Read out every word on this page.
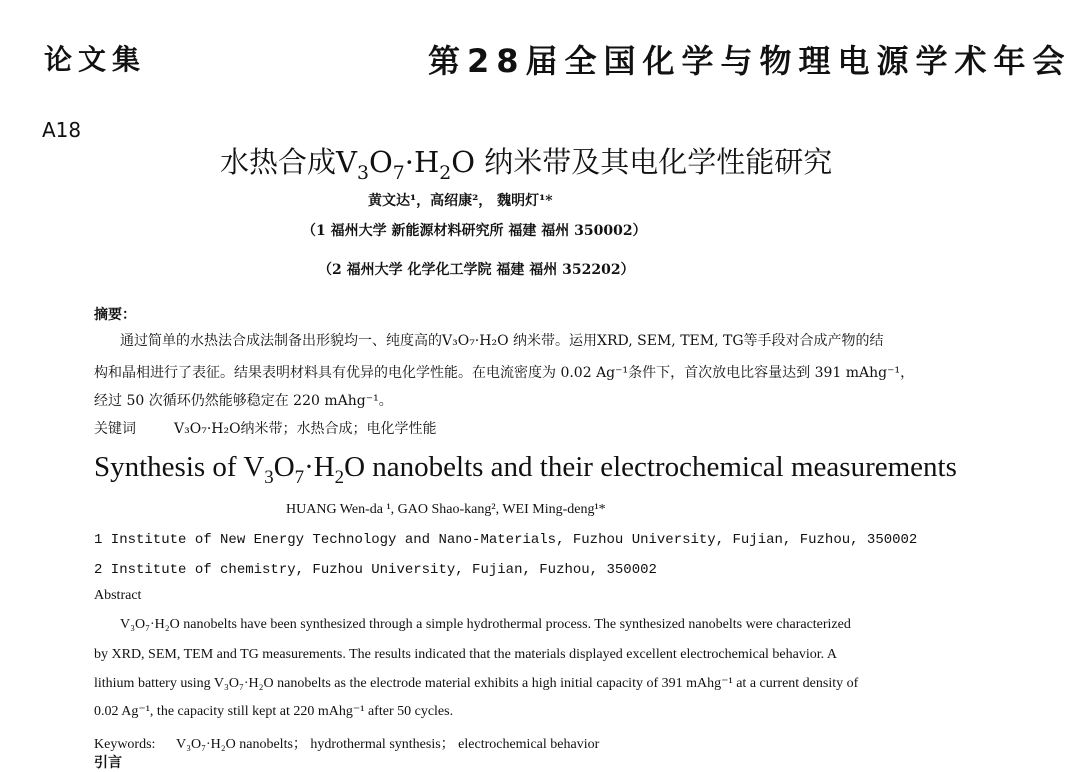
论文集	第28届全国化学与物理电源学术年会
A18
水热合成$V_3O_7\cdot H_2O$ 纳米带及其电化学性能研究
黄文达¹，高绍康²， 魏明灯¹*
（1 福州大学 新能源材料研究所 福建 福州 350002）
（2 福州大学 化学化工学院 福建 福州 352202）
摘要：
通过简单的水热法合成法制备出形貌均一、纯度高的V₃O₇·H₂O 纳米带。运用XRD, SEM, TEM, TG等手段对合成产物的结
构和晶相进行了表征。结果表明材料具有优异的电化学性能。在电流密度为 0.02 Ag⁻¹条件下，首次放电比容量达到 391 mAhg⁻¹，
经过 50 次循环仍然能够稳定在 220 mAhg⁻¹。
关键词	V₃O₇·H₂O纳米带；水热合成；电化学性能
Synthesis of $V_3O_7\cdot H_2O$ nanobelts and their electrochemical measurements
HUANG Wen-da ¹, GAO Shao-kang², WEI Ming-deng¹*
1 Institute of New Energy Technology and Nano-Materials, Fuzhou University, Fujian, Fuzhou, 350002
2 Institute of chemistry, Fuzhou University, Fujian, Fuzhou, 350002
Abstract
V₃O₇·H₂O nanobelts have been synthesized through a simple hydrothermal process. The synthesized nanobelts were characterized
by XRD, SEM, TEM and TG measurements. The results indicated that the materials displayed excellent electrochemical behavior. A
lithium battery using V₃O₇·H₂O nanobelts as the electrode material exhibits a high initial capacity of 391 mAhg⁻¹ at a current density of
0.02 Ag⁻¹, the capacity still kept at 220 mAhg⁻¹ after 50 cycles.
Keywords: V₃O₇·H₂O nanobelts； hydrothermal synthesis； electrochemical behavior
引言
